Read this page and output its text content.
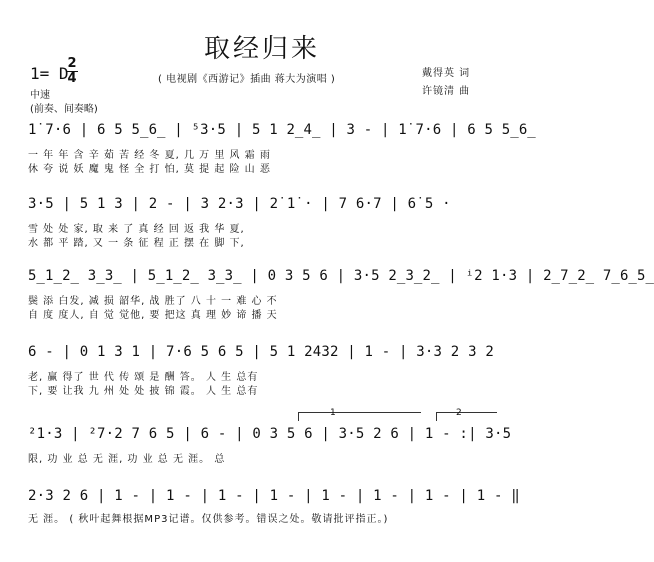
取经归来
1= D
2
4	( 电视剧《西游记》插曲 蒋大为演唱 )
戴得英 词
许镜清 曲
中速
(前奏、间奏略)
1̇ 7·6 | 6 5 5̲6̲ | ⁵3·5 | 5 1 2̲4̲ | 3 - | 1̇ 7·6 | 6 5 5̲6̲
一 年 年 含 辛 茹 苦 经 冬 夏, 几 万 里 风 霜 雨
休 夸 说 妖 魔 鬼 怪 全 打 怕, 莫 提 起 险 山 恶
3·5 | 5 1 3 | 2 - | 3 2·3 | 2̇ 1̇ · | 7 6·7 | 6̇ 5 ·
雪 处 处 家, 取 来 了 真 经 回 返 我 华 夏,
水 都 平 踏, 又 一 条 征 程 正 摆 在 脚 下,
5̲1̲2̲ 3̲3̲ | 5̲1̲2̲ 3̲3̲ | 0 3 5 6 | 3·5 2̲3̲2̲ | ⁱ2 1·3 | 2̲7̲2̲ 7̲6̲5̲
鬓 添 白发, 减 损 韶华, 战 胜了 八 十 一 难 心 不
自 度 度人, 自 觉 觉他, 要 把这 真 理 妙 谛 播 天
6 - | 0 1 3 1 | 7·6 5 6 5 | 5 1 2432 | 1 - | 3·3 2 3 2
老, 赢 得了 世 代 传 颂 是 酬 答。 人 生 总有
下, 要 让我 九 州 处 处 披 锦 霞。 人 生 总有
1	2
²1·3 | ²7·2 7 6 5 | 6 - | 0 3 5 6 | 3·5 2 6 | 1 - :| 3·5
限, 功 业 总 无 涯, 功 业 总 无 涯。 总
2·3 2 6 | 1 - | 1 - | 1 - | 1 - | 1 - | 1 - | 1 - | 1 - ‖
无 涯。 ( 秋叶起舞根据MP3记谱。仅供参考。错误之处。敬请批评指正。)
